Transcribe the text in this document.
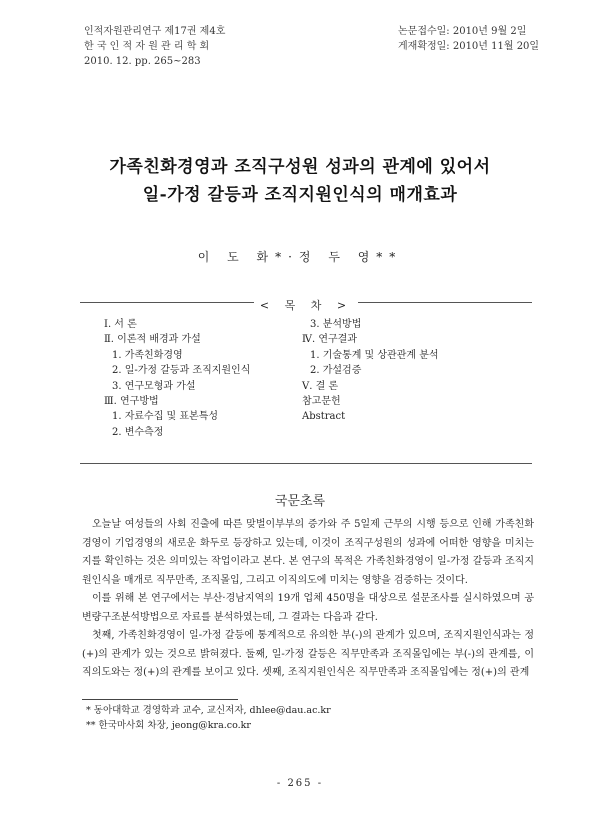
인적자원관리연구 제17권 제4호
한 국 인 적 자 원 관 리 학 회
2010. 12. pp. 265~283
논문접수일: 2010년 9월 2일
게재확정일: 2010년 11월 20일
가족친화경영과 조직구성원 성과의 관계에 있어서
일-가정 갈등과 조직지원인식의 매개효과
이 도 화*·정 두 영**
< 목 차 >
Ⅰ. 서 론
Ⅱ. 이론적 배경과 가설
1. 가족친화경영
2. 일-가정 갈등과 조직지원인식
3. 연구모형과 가설
Ⅲ. 연구방법
1. 자료수집 및 표본특성
2. 변수측정
3. 분석방법
Ⅳ. 연구결과
1. 기술통계 및 상관관계 분석
2. 가설검증
Ⅴ. 결 론
참고문헌
Abstract
국문초록

오늘날 여성들의 사회 진출에 따른 맞벌이부부의 증가와 주 5일제 근무의 시행 등으로 인해 가족친화경영이 기업경영의 새로운 화두로 등장하고 있는데, 이것이 조직구성원의 성과에 어떠한 영향을 미치는지를 확인하는 것은 의미있는 작업이라고 본다. 본 연구의 목적은 가족친화경영이 일-가정 갈등과 조직지원인식을 매개로 직무만족, 조직몰입, 그리고 이직의도에 미치는 영향을 검증하는 것이다.

이를 위해 본 연구에서는 부산·경남지역의 19개 업체 450명을 대상으로 설문조사를 실시하였으며 공변량구조분석방법으로 자료를 분석하였는데, 그 결과는 다음과 같다.

첫째, 가족친화경영이 일-가정 갈등에 통계적으로 유의한 부(-)의 관계가 있으며, 조직지원인식과는 정(+)의 관계가 있는 것으로 밝혀졌다. 둘째, 일-가정 갈등은 직무만족과 조직몰입에는 부(-)의 관계를, 이직의도와는 정(+)의 관계를 보이고 있다. 셋째, 조직지원인식은 직무만족과 조직몰입에는 정(+)의 관계

* 동아대학교 경영학과 교수, 교신저자, dhlee@dau.ac.kr
** 한국마사회 차장, jeong@kra.co.kr
- 265 -
